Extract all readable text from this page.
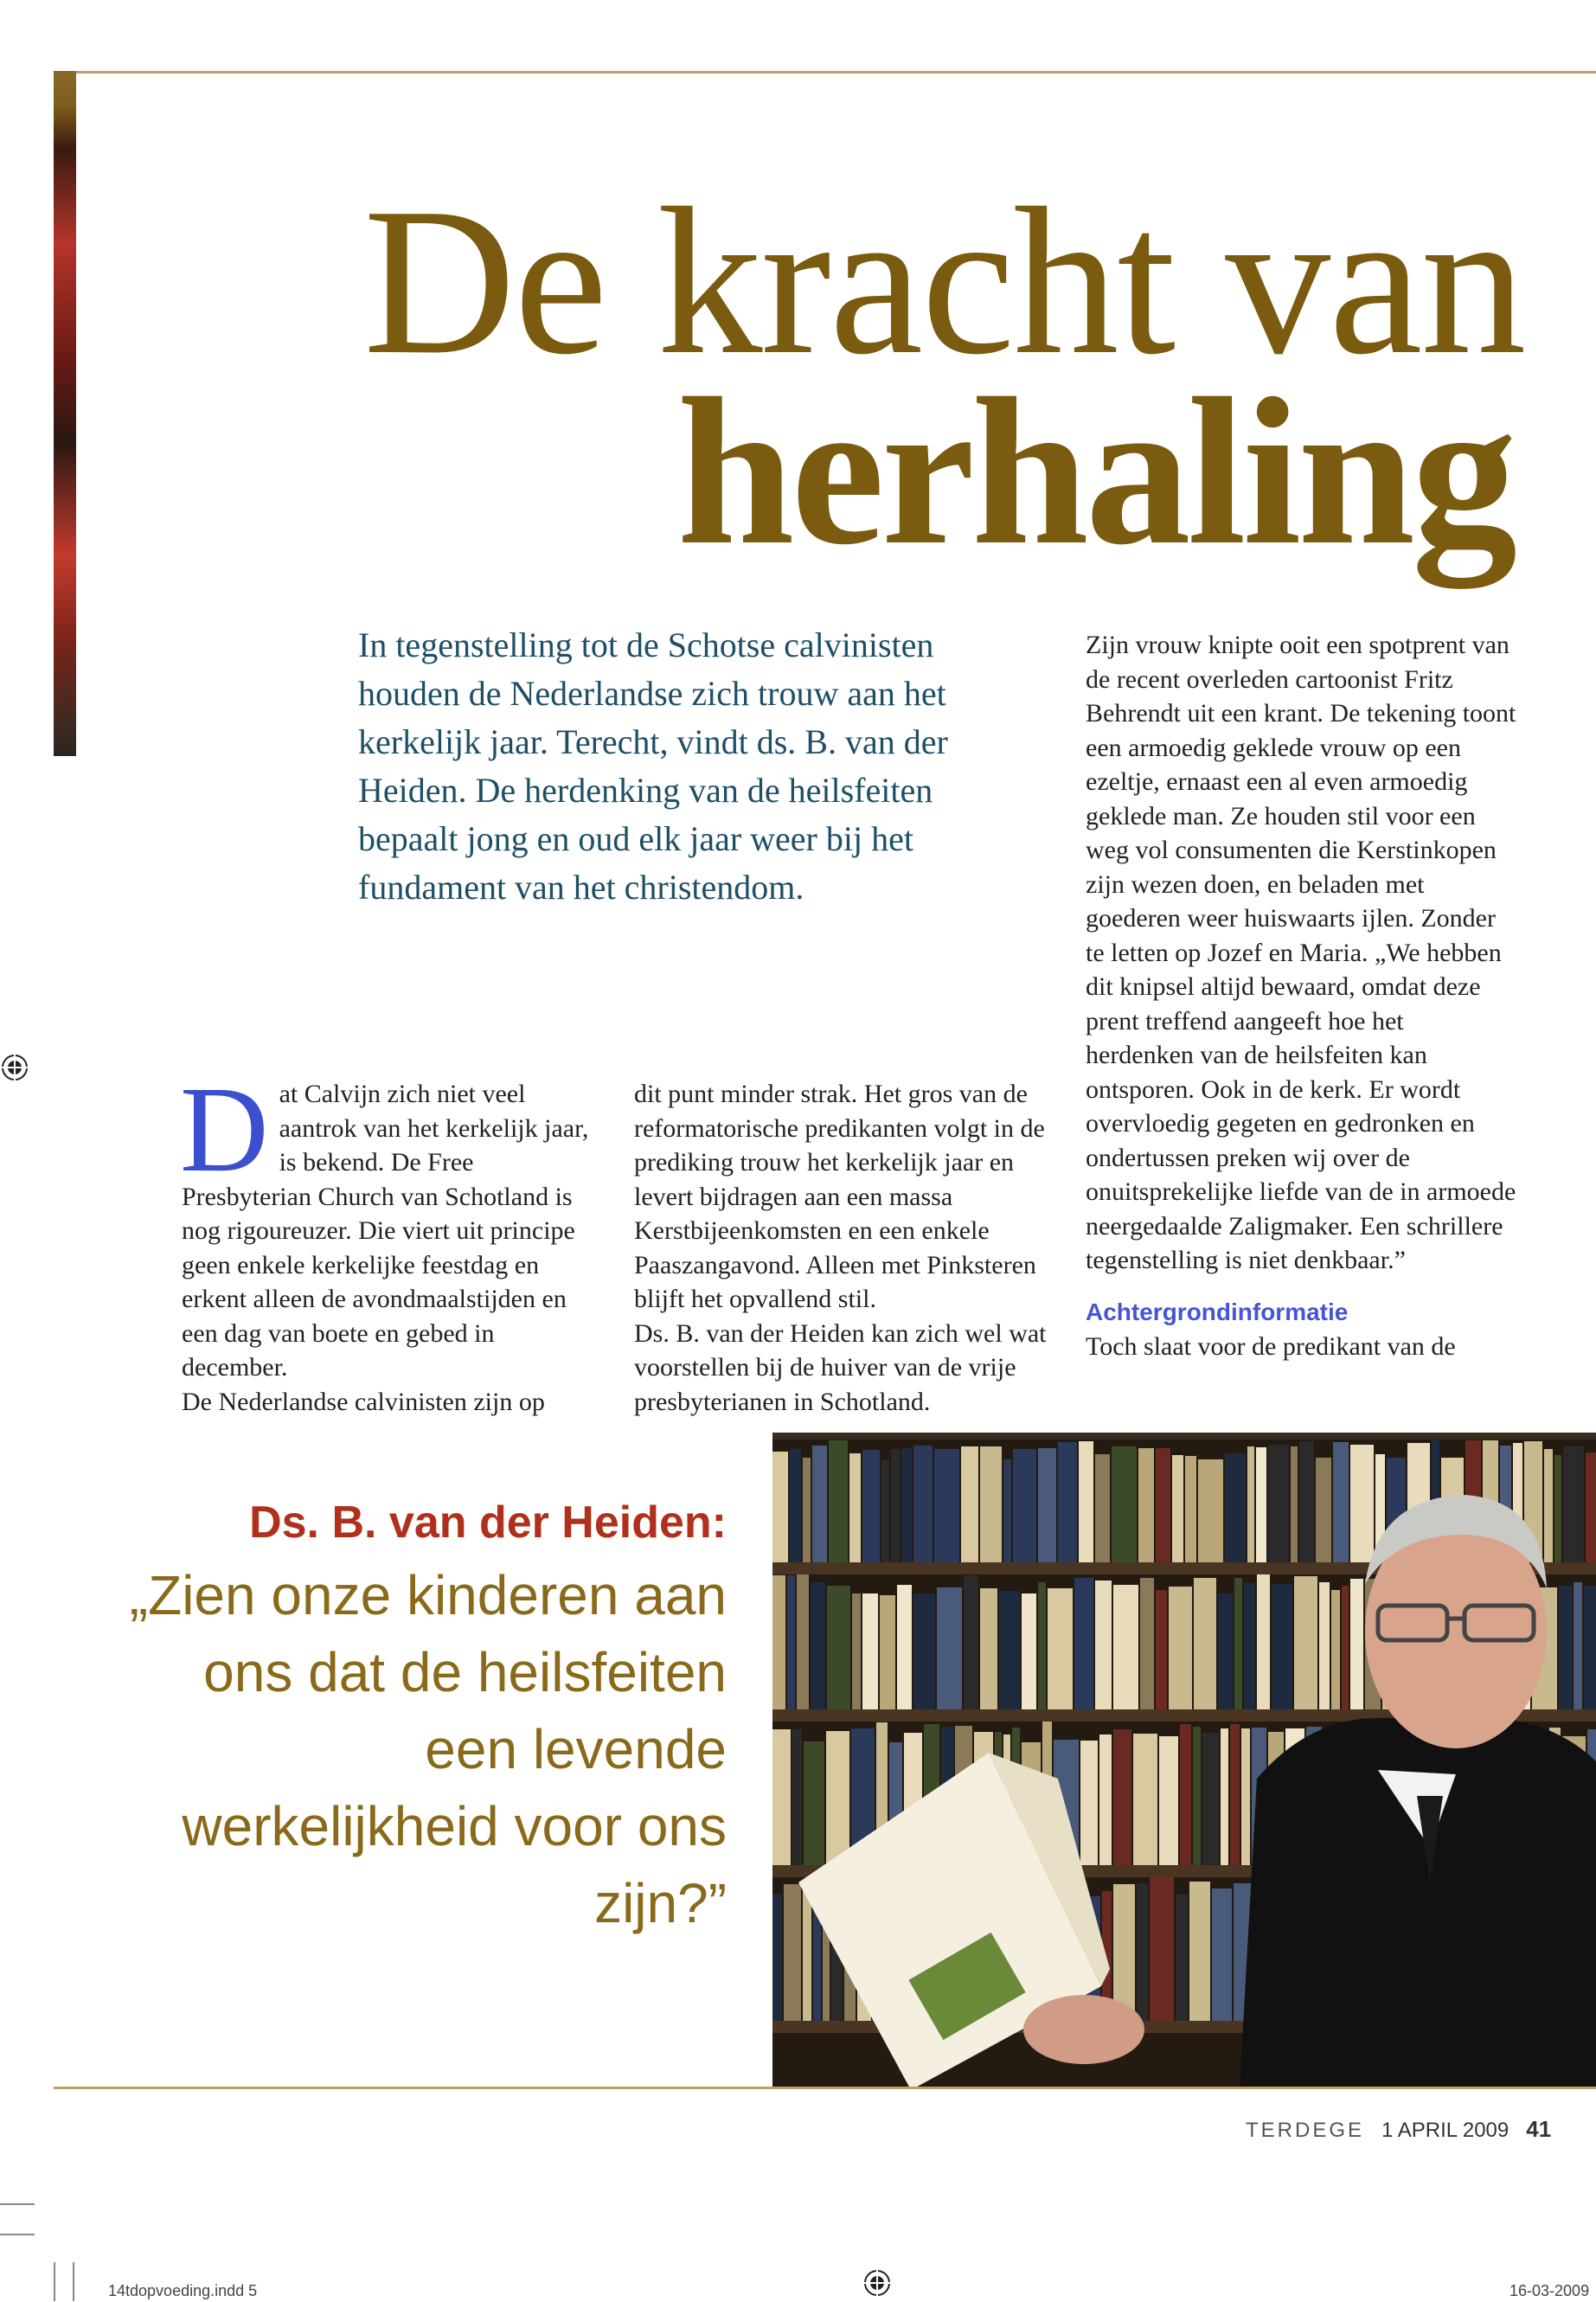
De kracht van
herhaling

In tegenstelling tot de Schotse calvinisten houden de Nederlandse zich trouw aan het kerkelijk jaar. Terecht, vindt ds. B. van der Heiden. De herdenking van de heilsfeiten bepaalt jong en oud elk jaar weer bij het fundament van het christendom.

D at Calvijn zich niet veel aantrok van het kerkelijk jaar, is bekend. De Free Presbyterian Church van Schotland is nog rigoureuzer. Die viert uit principe geen enkele kerkelijke feestdag en erkent alleen de avondmaalstijden en een dag van boete en gebed in december.

De Nederlandse calvinisten zijn op

dit punt minder strak. Het gros van de reformatorische predikanten volgt in de prediking trouw het kerkelijk jaar en levert bijdragen aan een massa Kerstbijeenkomsten en een enkele Paaszangavond. Alleen met Pinksteren blijft het opvallend stil.

Ds. B. van der Heiden kan zich wel wat voorstellen bij de huiver van de vrije presbyterianen in Schotland.

Zijn vrouw knipte ooit een spotprent van de recent overleden cartoonist Fritz Behrendt uit een krant. De tekening toont een armoedig geklede vrouw op een ezeltje, ernaast een al even armoedig geklede man. Ze houden stil voor een weg vol consumenten die Kerstinkopen zijn wezen doen, en beladen met goederen weer huiswaarts ijlen. Zonder te letten op Jozef en Maria. „We hebben dit knipsel altijd bewaard, omdat deze prent treffend aangeeft hoe het herdenken van de heilsfeiten kan ontsporen. Ook in de kerk. Er wordt overvloedig gegeten en gedronken en ondertussen preken wij over de onuitsprekelijke liefde van de in armoede neergedaalde Zaligmaker. Een schrillere tegenstelling is niet denkbaar.”

Achtergrondinformatie

Toch slaat voor de predikant van de

Ds. B. van der Heiden:
„Zien onze kinderen aan ons dat de heilsfeiten een levende werkelijkheid voor ons zijn?”
TERDEGE 1 APRIL 2009 41
14tdopvoeding.indd 5	16-03-2009
